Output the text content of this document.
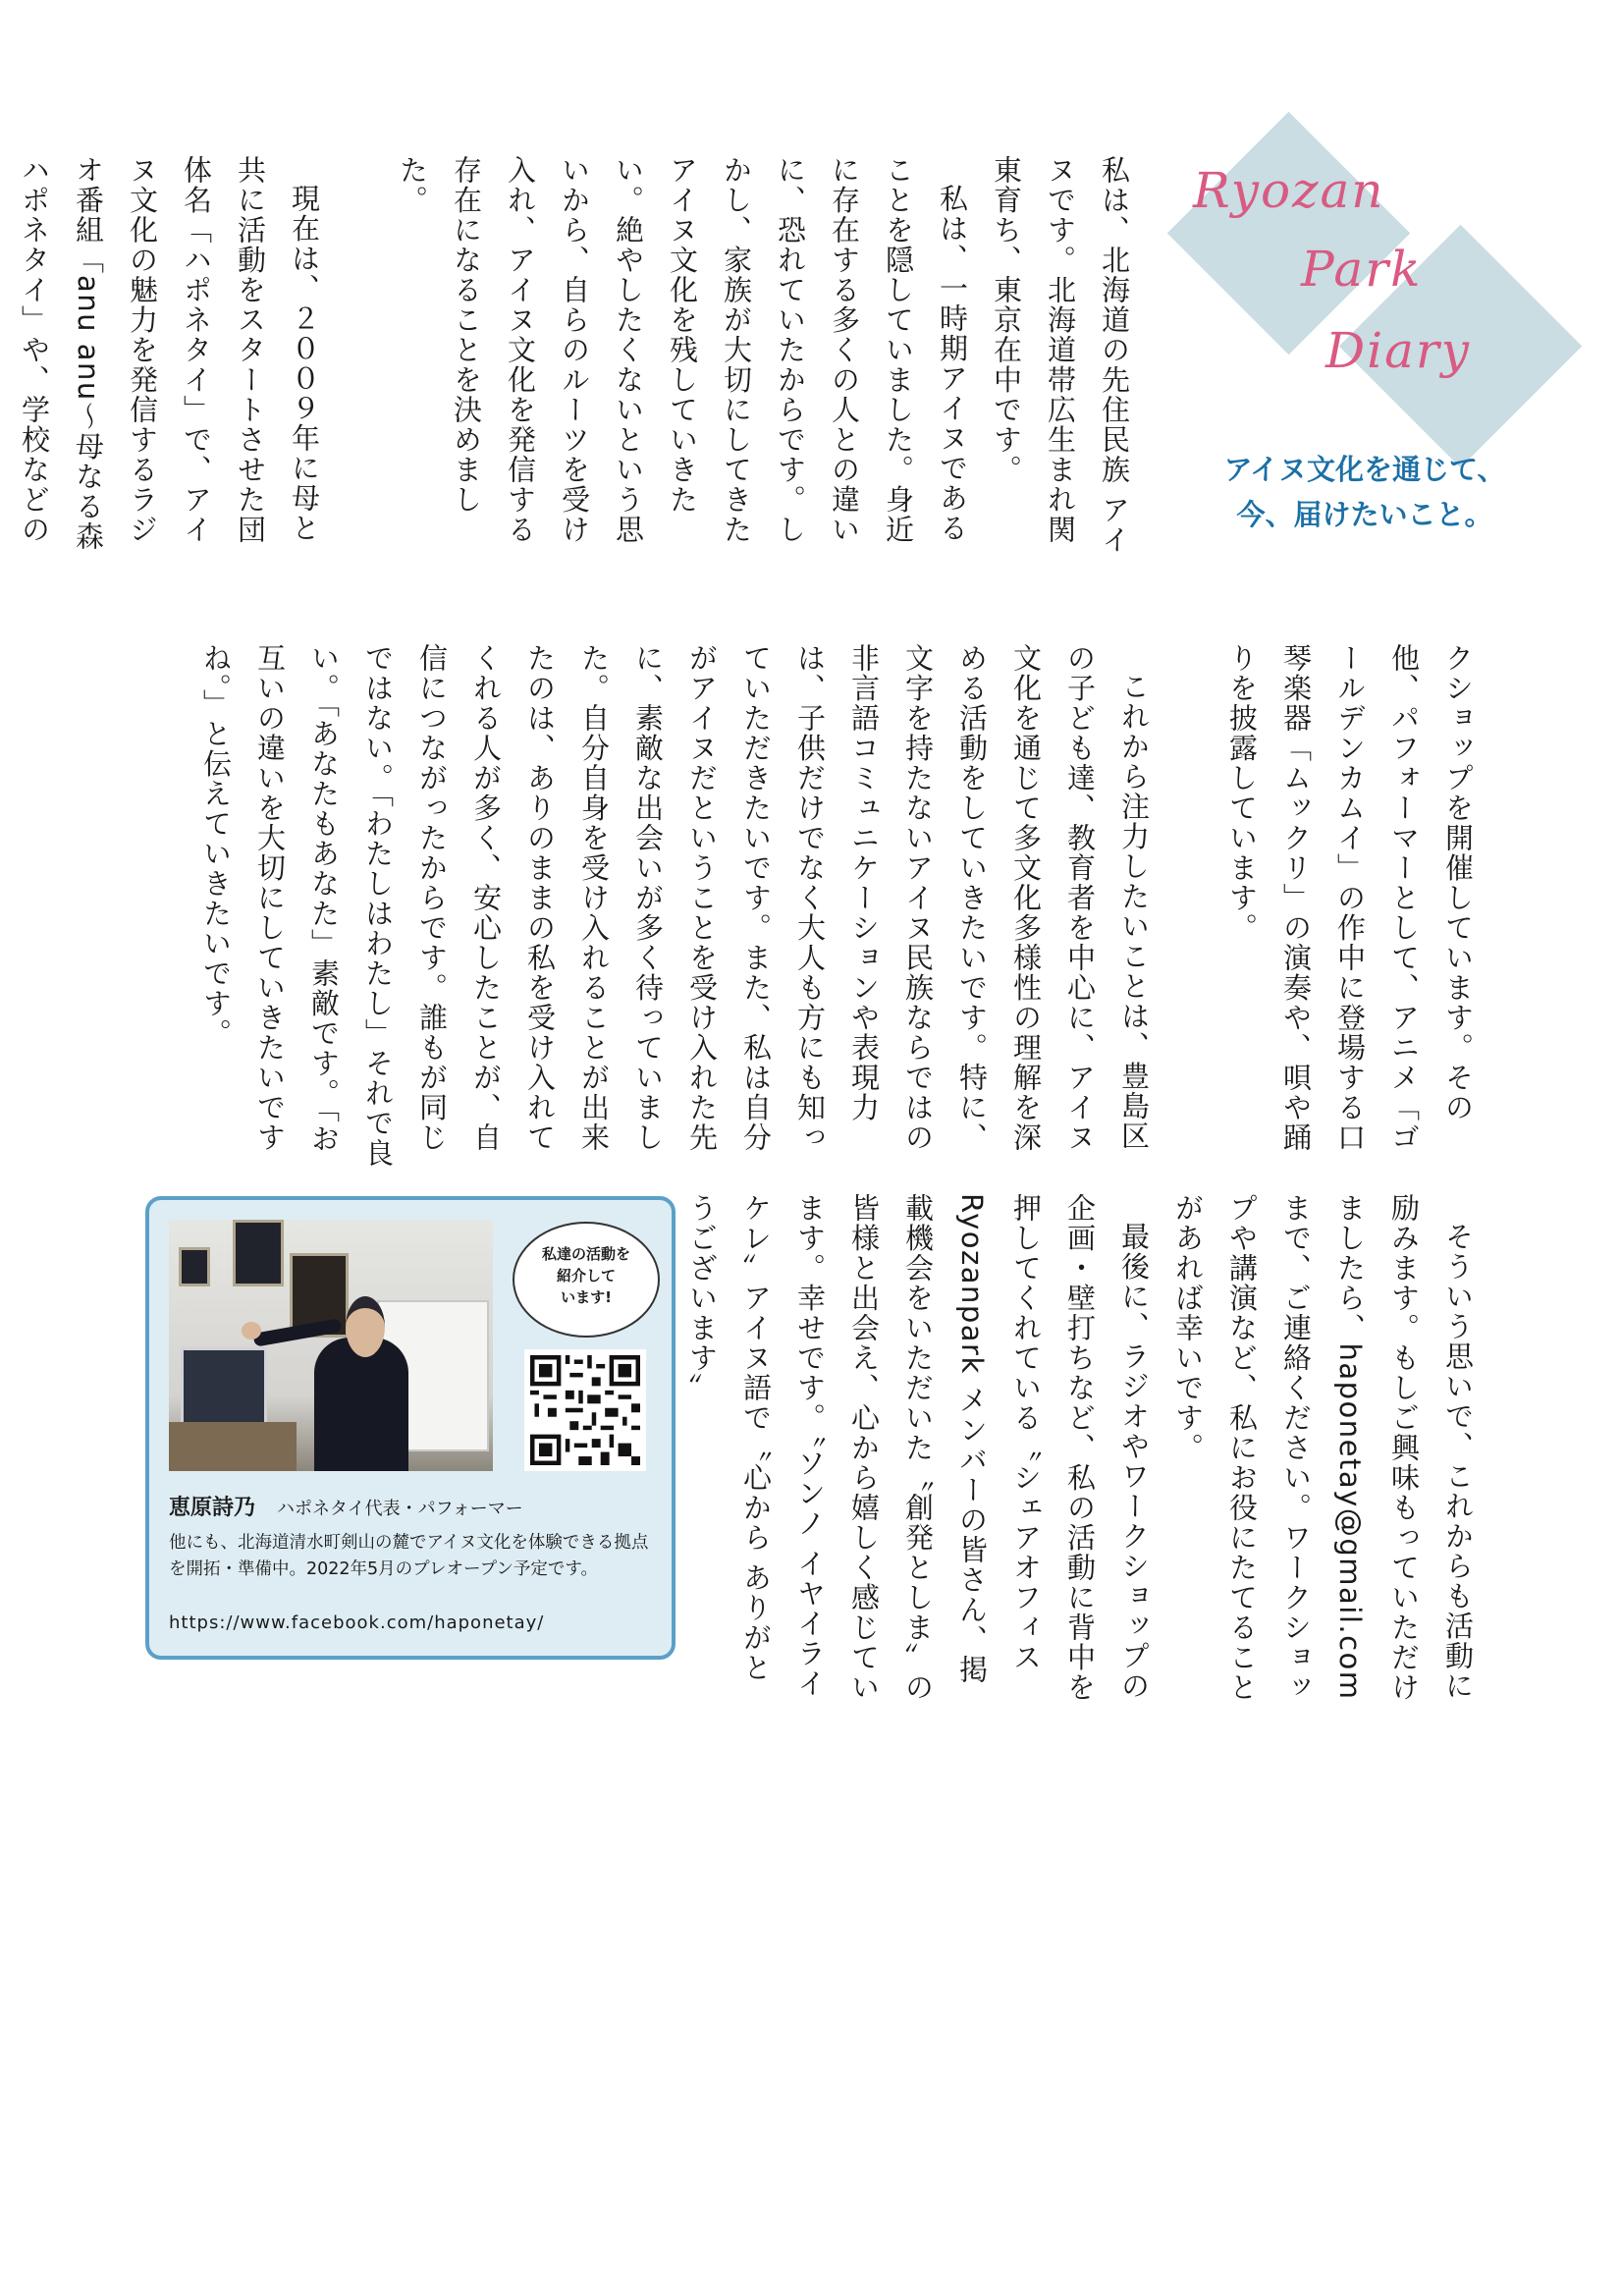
Ryozan
Park
Diary
アイヌ文化を通じて、
今、届けたいこと。

私は、北海道の先住民族 アイヌです。北海道帯広生まれ関東育ち、東京在中です。

私は、一時期アイヌであることを隠していました。身近に存在する多くの人との違いに、恐れていたからです。しかし、家族が大切にしてきたアイヌ文化を残していきたい。絶やしたくないという思いから、自らのルーツを受け入れ、アイヌ文化を発信する存在になることを決めました。

現在は、２００９年に母と共に活動をスタートさせた団体名「ハポネタイ」で、アイヌ文化の魅力を発信するラジオ番組「anu anu～母なる森 ハポネタイ」や、学校などの

クショップを開催しています。その他、パフォーマーとして、アニメ「ゴールデンカムイ」の作中に登場する口琴楽器「ムックリ」の演奏や、唄や踊りを披露しています。

これから注力したいことは、豊島区の子ども達、教育者を中心に、アイヌ文化を通じて多文化多様性の理解を深める活動をしていきたいです。特に、文字を持たないアイヌ民族ならではの非言語コミュニケーションや表現力は、子供だけでなく大人も方にも知っていただきたいです。また、私は自分がアイヌだということを受け入れた先に、素敵な出会いが多く待っていました。自分自身を受け入れることが出来たのは、ありのままの私を受け入れてくれる人が多く、安心したことが、自信につながったからです。誰もが同じではない。「わたしはわたし」それで良い。「あなたもあなた」素敵です。「お互いの違いを大切にしていきたいですね。」と伝えていきたいです。

そういう思いで、これからも活動に励みます。もしご興味もっていただけましたら、haponetay@gmail.comまで、ご連絡ください。ワークショップや講演など、私にお役にたてることがあれば幸いです。

最後に、ラジオやワークショップの企画・壁打ちなど、私の活動に背中を押してくれている〝シェアオフィスRyozanpark メンバーの皆さん、掲載機会をいただいた〝創発としま〟の皆様と出会え、心から嬉しく感じています。幸せです。〝ソンノ イヤイライケレ〟アイヌ語で〝心から ありがとうございます〟

私達の活動を
紹介して
います!
恵原詩乃 ハポネタイ代表・パフォーマー
他にも、北海道清水町剣山の麓でアイヌ文化を体験できる拠点を開拓・準備中。2022年5月のプレオープン予定です。
https://www.facebook.com/haponetay/
